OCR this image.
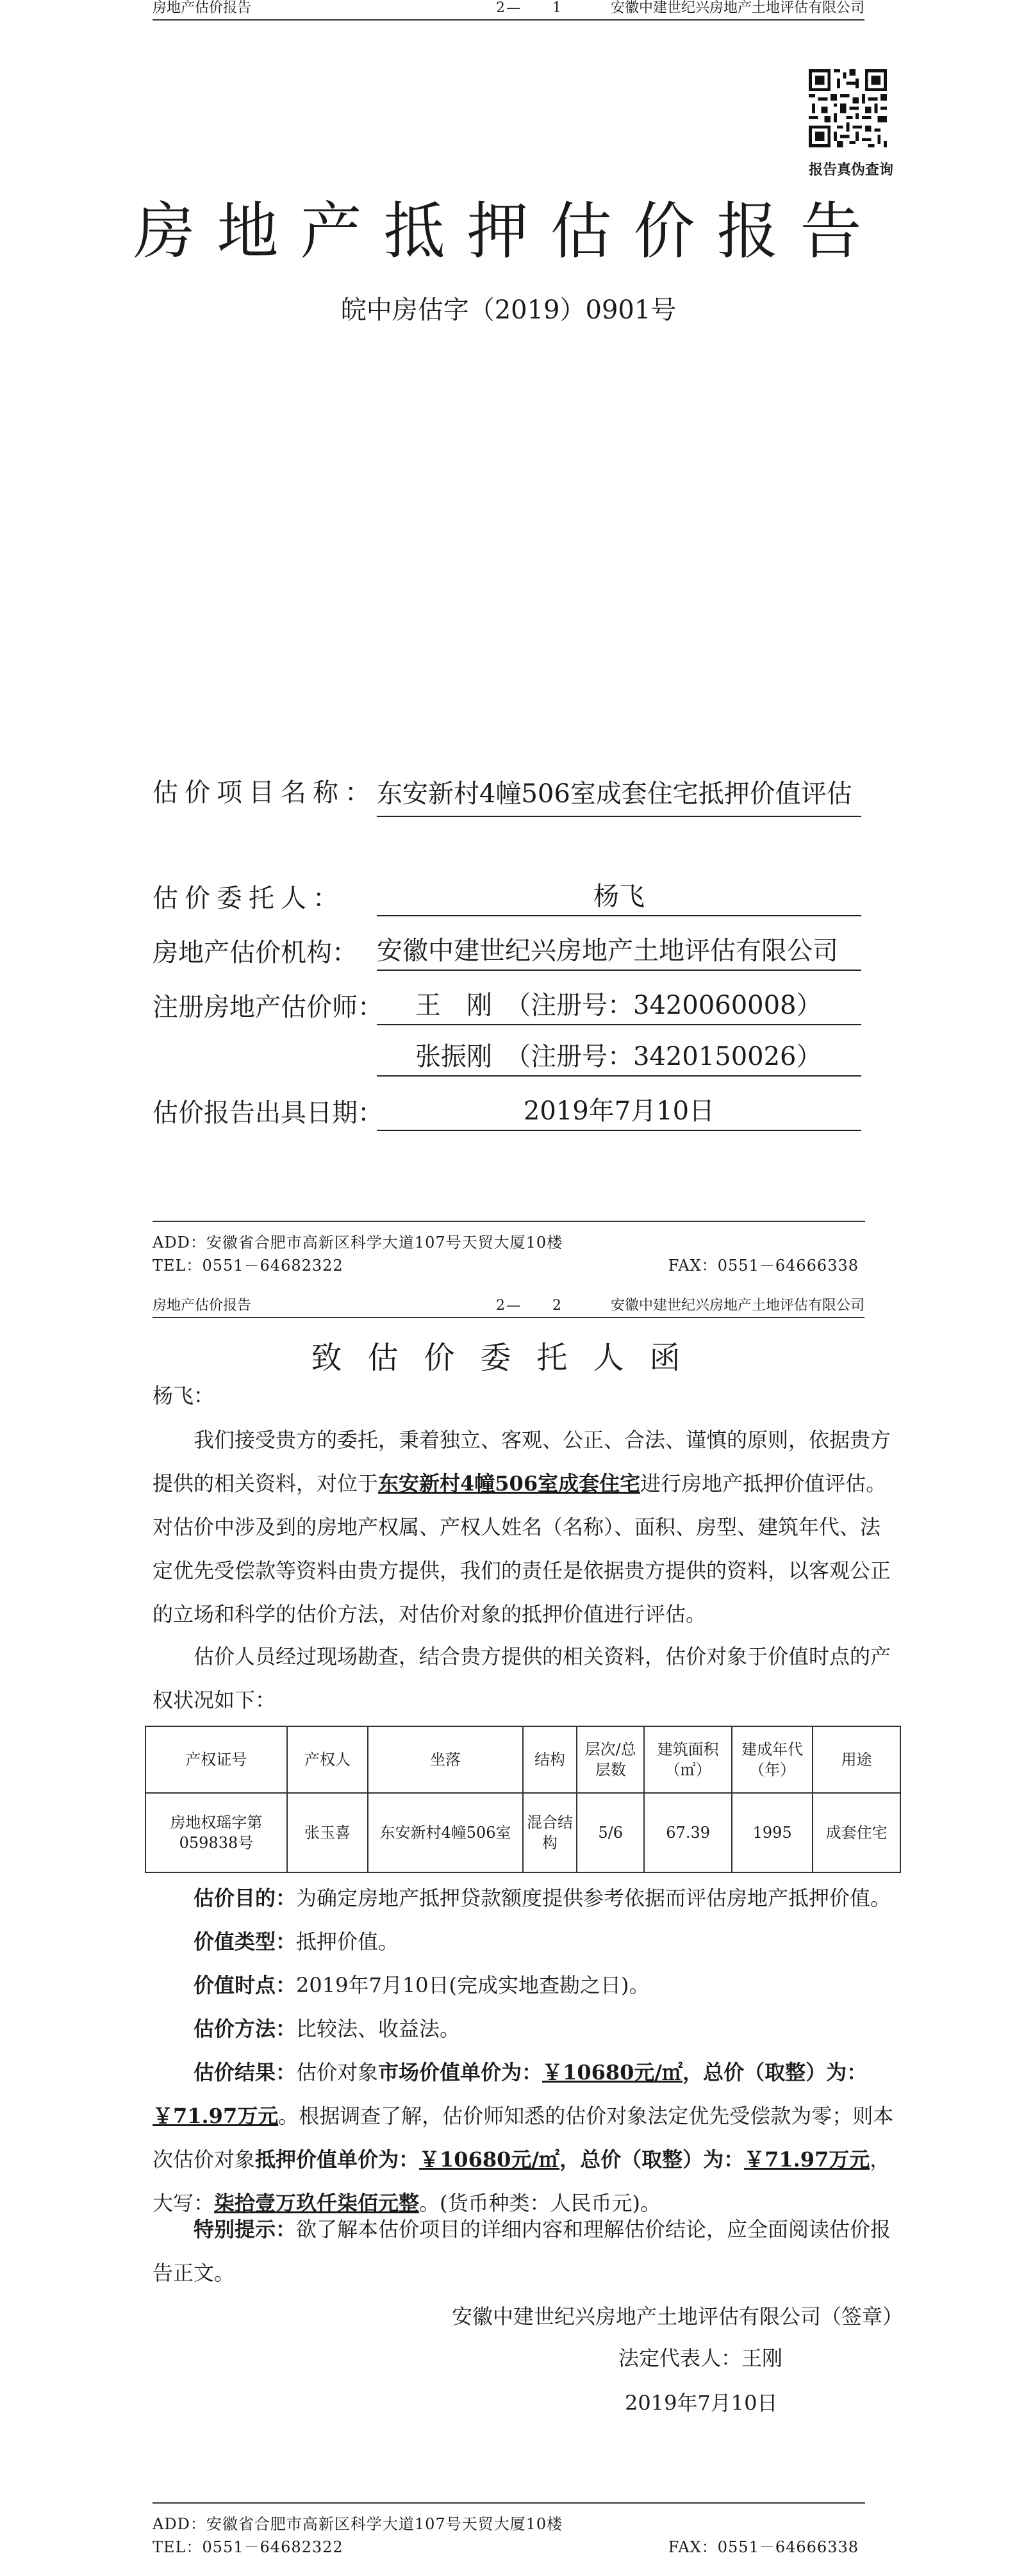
房地产估价报告	2—　　1	安徽中建世纪兴房地产土地评估有限公司
报告真伪查询
房地产抵押估价报告
皖中房估字（2019）0901号
估价项目名称： 东安新村4幢506室成套住宅抵押价值评估
估价委托人：	杨飞
房地产估价机构： 安徽中建世纪兴房地产土地评估有限公司
注册房地产估价师：	王　刚　（注册号：3420060008）
张振刚　（注册号：3420150026）
估价报告出具日期：	2019年7月10日
ADD：安徽省合肥市高新区科学大道107号天贸大厦10楼
TEL：0551－64682322	FAX：0551－64666338
房地产估价报告	2—　　2	安徽中建世纪兴房地产土地评估有限公司
致估价委托人函
杨飞：
我们接受贵方的委托，秉着独立、客观、公正、合法、谨慎的原则，依据贵方提供的相关资料，对位于东安新村4幢506室成套住宅进行房地产抵押价值评估。对估价中涉及到的房地产权属、产权人姓名（名称）、面积、房型、建筑年代、法定优先受偿款等资料由贵方提供，我们的责任是依据贵方提供的资料，以客观公正的立场和科学的估价方法，对估价对象的抵押价值进行评估。
估价人员经过现场勘查，结合贵方提供的相关资料，估价对象于价值时点的产权状况如下：
产权证号	产权人	坐落	结构	层次/总层数	建筑面积（㎡）	建成年代（年）	用途
房地权瑶字第059838号	张玉喜	东安新村4幢506室	混合结构	5/6	67.39	1995	成套住宅
估价目的：为确定房地产抵押贷款额度提供参考依据而评估房地产抵押价值。
价值类型：抵押价值。
价值时点：2019年7月10日(完成实地查勘之日)。
估价方法：比较法、收益法。
估价结果：估价对象市场价值单价为：￥10680元/㎡，总价（取整）为：￥71.97万元。根据调查了解，估价师知悉的估价对象法定优先受偿款为零；则本次估价对象抵押价值单价为：￥10680元/㎡，总价（取整）为：￥71.97万元，大写：柒拾壹万玖仟柒佰元整。(货币种类：人民币元)。
特别提示：欲了解本估价项目的详细内容和理解估价结论，应全面阅读估价报告正文。
安徽中建世纪兴房地产土地评估有限公司（签章）
法定代表人：王刚
2019年7月10日
ADD：安徽省合肥市高新区科学大道107号天贸大厦10楼
TEL：0551－64682322	FAX：0551－64666338
